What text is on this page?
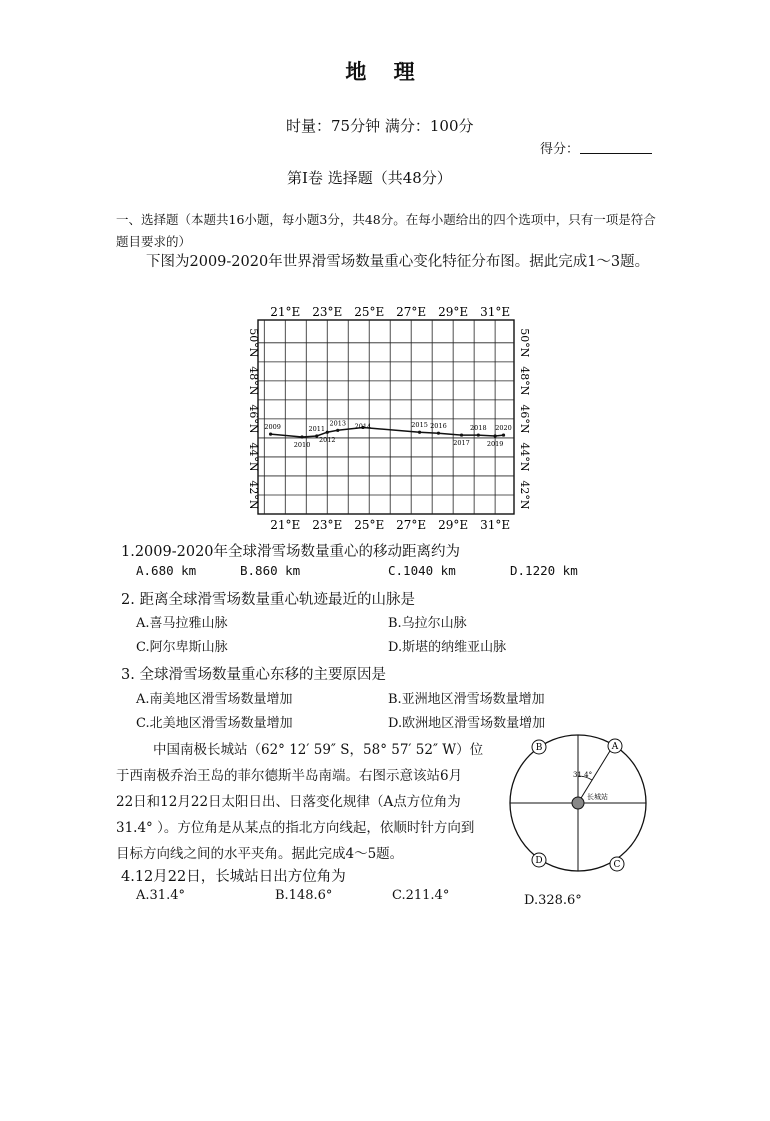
地 理
时量：75分钟 满分：100分
得分：
第Ⅰ卷 选择题（共48分）
一、选择题（本题共16小题，每小题3分，共48分。在每小题给出的四个选项中，只有一项是符合题目要求的）
下图为2009-2020年世界滑雪场数量重心变化特征分布图。据此完成1～3题。
21°E
21°E
23°E
23°E
25°E
25°E
27°E
27°E
29°E
29°E
31°E
31°E
50°N	50°N
48°N	48°N
46°N	46°N
44°N	44°N
42°N	42°N
2009
2010
2011
2012
2013 2014	2015 2016
2017
2018
2019
2020
1.2009-2020年全球滑雪场数量重心的移动距离约为
A.680 km	B.860 km	C.1040 km	D.1220 km
2. 距离全球滑雪场数量重心轨迹最近的山脉是
A.喜马拉雅山脉	B.乌拉尔山脉
C.阿尔卑斯山脉	D.斯堪的纳维亚山脉
3. 全球滑雪场数量重心东移的主要原因是
A.南美地区滑雪场数量增加	B.亚洲地区滑雪场数量增加
C.北美地区滑雪场数量增加	D.欧洲地区滑雪场数量增加
中国南极长城站（62° 12′ 59″ S，58° 57′ 52″ W）位
于西南极乔治王岛的菲尔德斯半岛南端。右图示意该站6月
22日和12月22日太阳日出、日落变化规律（A点方位角为
31.4° ）。方位角是从某点的指北方向线起，依顺时针方向到
目标方向线之间的水平夹角。据此完成4～5题。
31.4°
长城站
A
B
C
D
4.12月22日，长城站日出方位角为
A.31.4°	B.148.6°	C.211.4°	D.328.6°
